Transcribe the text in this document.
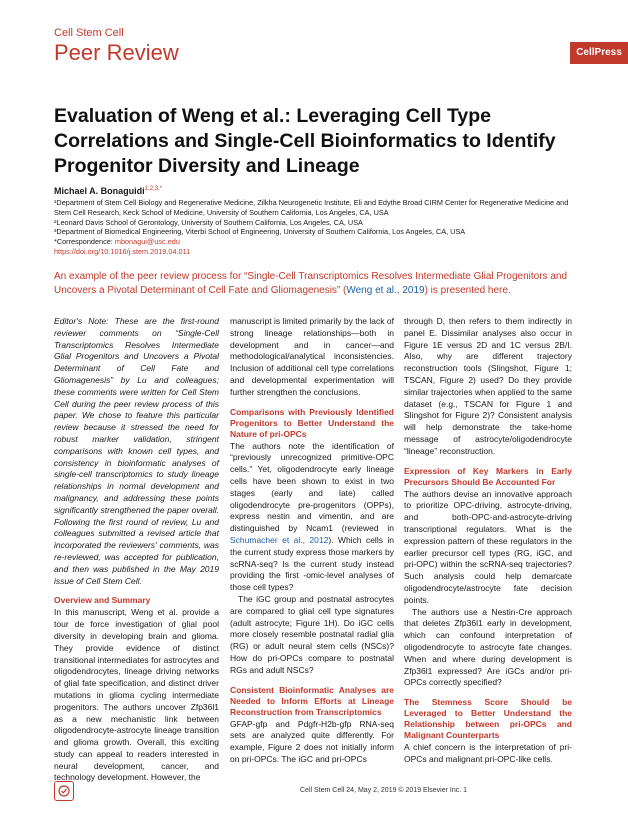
Cell Stem Cell
Peer Review	CellPress
Evaluation of Weng et al.: Leveraging Cell Type Correlations and Single-Cell Bioinformatics to Identify Progenitor Diversity and Lineage
Michael A. Bonaguidi$^{1,2,3,*}$
¹Department of Stem Cell Biology and Regenerative Medicine, Zilkha Neurogenetic Institute, Eli and Edythe Broad CIRM Center for Regenerative Medicine and Stem Cell Research, Keck School of Medicine, University of Southern California, Los Angeles, CA, USA
²Leonard Davis School of Gerontology, University of Southern California, Los Angeles, CA, USA
³Department of Biomedical Engineering, Viterbi School of Engineering, University of Southern California, Los Angeles, CA, USA
*Correspondence: mbonagui@usc.edu
https://doi.org/10.1016/j.stem.2019.04.011
An example of the peer review process for “Single-Cell Transcriptomics Resolves Intermediate Glial Progenitors and Uncovers a Pivotal Determinant of Cell Fate and Gliomagenesis” (Weng et al., 2019) is presented here.

Editor's Note: These are the first-round reviewer comments on “Single-Cell Transcriptomics Resolves Intermediate Glial Progenitors and Uncovers a Pivotal Determinant of Cell Fate and Gliomagenesis” by Lu and colleagues; these comments were written for Cell Stem Cell during the peer review process of this paper. We chose to feature this particular review because it stressed the need for robust marker validation, stringent comparisons with known cell types, and consistency in bioinformatic analyses of single-cell transcriptomics to study lineage relationships in normal development and malignancy, and addressing these points significantly strengthened the paper overall. Following the first round of review, Lu and colleagues submitted a revised article that incorporated the reviewers' comments, was re-reviewed, was accepted for publication, and then was published in the May 2019 issue of Cell Stem Cell.

Overview and Summary

In this manuscript, Weng et al. provide a tour de force investigation of glial pool diversity in developing brain and glioma. They provide evidence of distinct transitional intermediates for astrocytes and oligodendrocytes, lineage driving networks of glial fate specification, and distinct driver mutations in glioma cycling intermediate progenitors. The authors uncover Zfp36l1 as a new mechanistic link between oligodendrocyte-astrocyte lineage transition and glioma growth. Overall, this exciting study can appeal to readers interested in neural development, cancer, and technology development. However, the

manuscript is limited primarily by the lack of strong lineage relationships—both in development and in cancer—and methodological/analytical inconsistencies. Inclusion of additional cell type correlations and developmental experimentation will further strengthen the conclusions.

Comparisons with Previously Identified Progenitors to Better Understand the Nature of pri-OPCs

The authors note the identification of “previously unrecognized primitive-OPC cells.” Yet, oligodendrocyte early lineage cells have been shown to exist in two stages (early and late) called oligodendrocyte pre-progenitors (OPPs), express nestin and vimentin, and are distinguished by Ncam1 (reviewed in Schumacher et al., 2012). Which cells in the current study express those markers by scRNA-seq? Is the current study instead providing the first -omic-level analyses of those cell types?

The iGC group and postnatal astrocytes are compared to glial cell type signatures (adult astrocyte; Figure 1H). Do iGC cells more closely resemble postnatal radial glia (RG) or adult neural stem cells (NSCs)? How do pri-OPCs compare to postnatal RGs and adult NSCs?

Consistent Bioinformatic Analyses are Needed to Inform Efforts at Lineage Reconstruction from Transcriptomics

GFAP-gfp and Pdgfr-H2b-gfp RNA-seq sets are analyzed quite differently. For example, Figure 2 does not initially inform on pri-OPCs. The iGC and pri-OPCs

through D, then refers to them indirectly in panel E. Dissimilar analyses also occur in Figure 1E versus 2D and 1C versus 2B/I. Also, why are different trajectory reconstruction tools (Slingshot, Figure 1; TSCAN, Figure 2) used? Do they provide similar trajectories when applied to the same dataset (e.g., TSCAN for Figure 1 and Slingshot for Figure 2)? Consistent analysis will help demonstrate the take-home message of astrocyte/oligodendrocyte “lineage” reconstruction.

Expression of Key Markers in Early Precursors Should Be Accounted For

The authors devise an innovative approach to prioritize OPC-driving, astrocyte-driving, and both-OPC-and-astrocyte-driving transcriptional regulators. What is the expression pattern of these regulators in the earlier precursor cell types (RG, iGC, and pri-OPC) within the scRNA-seq trajectories? Such analysis could help demarcate oligodendrocyte/astrocyte fate decision points.

The authors use a Nestin-Cre approach that deletes Zfp36l1 early in development, which can confound interpretation of oligodendrocyte to astrocyte fate changes. When and where during development is Zfp36l1 expressed? Are iGCs and/or pri-OPCs correctly specified?

The Stemness Score Should be Leveraged to Better Understand the Relationship between pri-OPCs and Malignant Counterparts

A chief concern is the interpretation of pri-OPCs and malignant pri-OPC-like cells.

Cell Stem Cell 24, May 2, 2019 © 2019 Elsevier Inc. 1
